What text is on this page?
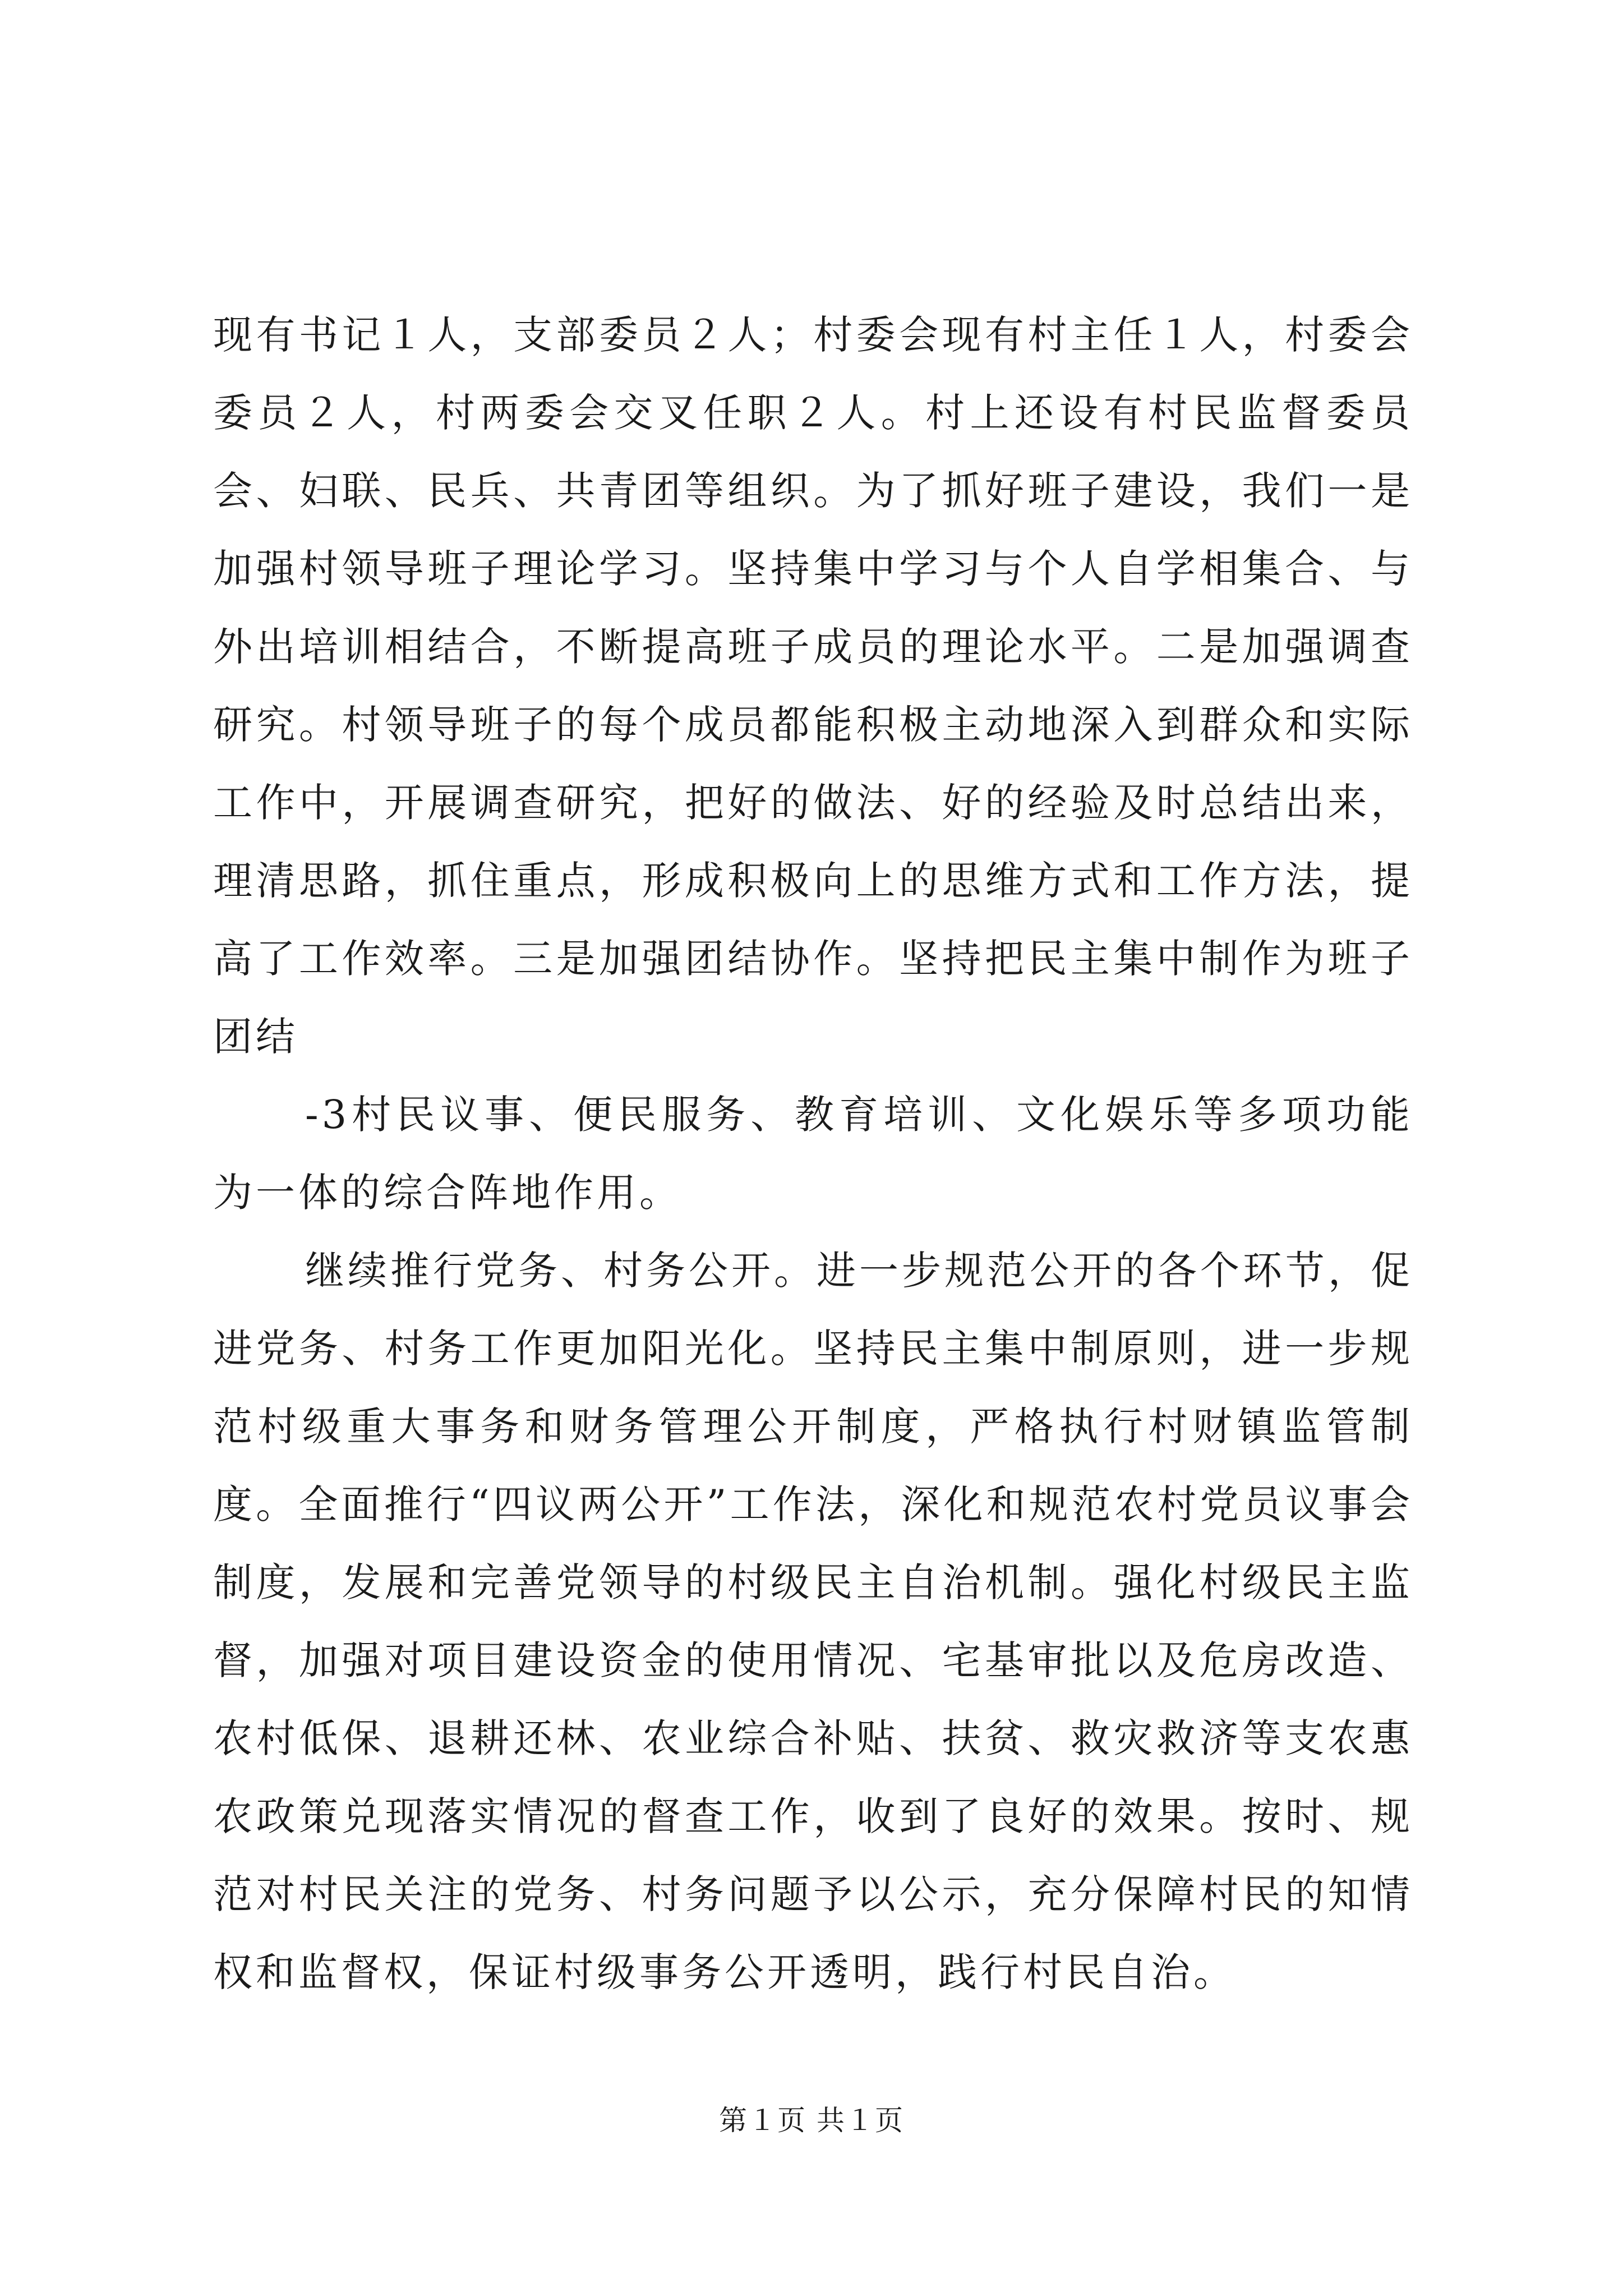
现有书记１人，支部委员２人；村委会现有村主任１人，村委会委员２人，村两委会交叉任职２人。村上还设有村民监督委员会、妇联、民兵、共青团等组织。为了抓好班子建设，我们一是加强村领导班子理论学习。坚持集中学习与个人自学相集合、与外出培训相结合，不断提高班子成员的理论水平。二是加强调查研究。村领导班子的每个成员都能积极主动地深入到群众和实际工作中，开展调查研究，把好的做法、好的经验及时总结出来，理清思路，抓住重点，形成积极向上的思维方式和工作方法，提高了工作效率。三是加强团结协作。坚持把民主集中制作为班子团结

-3村民议事、便民服务、教育培训、文化娱乐等多项功能为一体的综合阵地作用。

继续推行党务、村务公开。进一步规范公开的各个环节，促进党务、村务工作更加阳光化。坚持民主集中制原则，进一步规范村级重大事务和财务管理公开制度，严格执行村财镇监管制度。全面推行“四议两公开”工作法，深化和规范农村党员议事会制度，发展和完善党领导的村级民主自治机制。强化村级民主监督，加强对项目建设资金的使用情况、宅基审批以及危房改造、农村低保、退耕还林、农业综合补贴、扶贫、救灾救济等支农惠农政策兑现落实情况的督查工作，收到了良好的效果。按时、规范对村民关注的党务、村务问题予以公示，充分保障村民的知情权和监督权，保证村级事务公开透明，践行村民自治。

第１页 共１页
